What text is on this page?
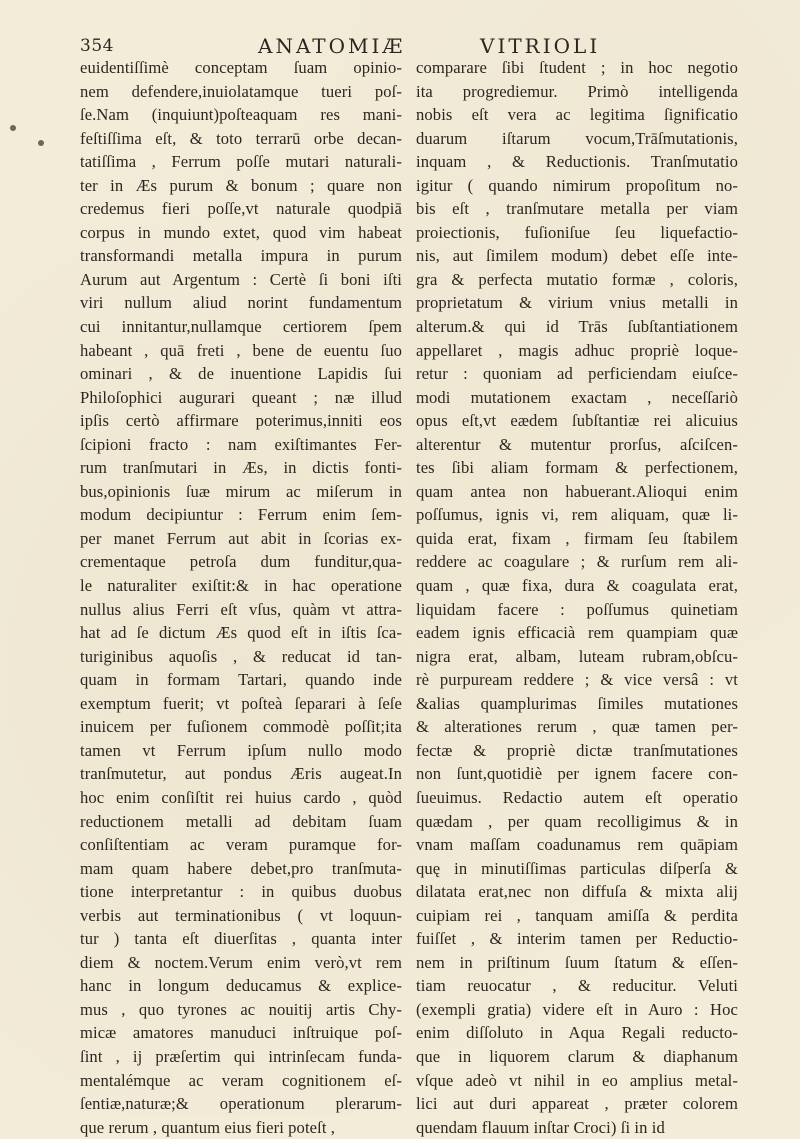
354	ANATOMIÆ	VITRIOLI
euidentiſſimè conceptam ſuam opinio-
nem defendere,inuiolatamque tueri poſ-
ſe.Nam (inquiunt)poſteaquam res mani-
feſtiſſima eſt, & toto terrarū orbe decan-
tatiſſima , Ferrum poſſe mutari naturali-
ter in Æs purum & bonum ; quare non
credemus fieri poſſe,vt naturale quodpiā
corpus in mundo extet, quod vim habeat
transformandi metalla impura in purum
Aurum aut Argentum : Certè ſi boni iſti
viri nullum aliud norint fundamentum
cui innitantur,nullamque certiorem ſpem
habeant , quā freti , bene de euentu ſuo
ominari , & de inuentione Lapidis ſui
Philoſophici augurari queant ; næ illud
ipſis certò affirmare poterimus,inniti eos
ſcipioni fracto : nam exiſtimantes Fer-
rum tranſmutari in Æs, in dictis fonti-
bus,opinionis ſuæ mirum ac miſerum in
modum decipiuntur : Ferrum enim ſem-
per manet Ferrum aut abit in ſcorias ex-
crementaque petroſa dum funditur,qua-
le naturaliter exiſtit:& in hac operatione
nullus alius Ferri eſt vſus, quàm vt attra-
hat ad ſe dictum Æs quod eſt in iſtis ſca-
turiginibus aquoſis , & reducat id tan-
quam in formam Tartari, quando inde
exemptum fuerit; vt poſteà ſeparari à ſeſe
inuicem per fuſionem commodè poſſit;ita
tamen vt Ferrum ipſum nullo modo
tranſmutetur, aut pondus Æris augeat.In
hoc enim conſiſtit rei huius cardo , quòd
reductionem metalli ad debitam ſuam
conſiſtentiam ac veram puramque for-
mam quam habere debet,pro tranſmuta-
tione interpretantur : in quibus duobus
verbis aut terminationibus ( vt loquun-
tur ) tanta eſt diuerſitas , quanta inter
diem & noctem.Verum enim verò,vt rem
hanc in longum deducamus & explice-
mus , quo tyrones ac nouitij artis Chy-
micæ amatores manuduci inſtruique poſ-
ſint , ij præſertim qui intrinſecam funda-
mentalémque ac veram cognitionem eſ-
ſentiæ,naturæ;& operationum plerarum-
que rerum , quantum eius fieri poteſt ,
comparare ſibi ſtudent ; in hoc negotio
ita progrediemur. Primò intelligenda
nobis eſt vera ac legitima ſignificatio
duarum iſtarum vocum,Trāſmutationis,
inquam , & Reductionis. Tranſmutatio
igitur ( quando nimirum propoſitum no-
bis eſt , tranſmutare metalla per viam
proiectionis, fuſioniſue ſeu liquefactio-
nis, aut ſimilem modum) debet eſſe inte-
gra & perfecta mutatio formæ , coloris,
proprietatum & virium vnius metalli in
alterum.& qui id Trās ſubſtantiationem
appellaret , magis adhuc propriè loque-
retur : quoniam ad perficiendam eiuſce-
modi mutationem exactam , neceſſariò
opus eſt,vt eædem ſubſtantiæ rei alicuius
alterentur & mutentur prorſus, aſciſcen-
tes ſibi aliam formam & perfectionem,
quam antea non habuerant.Alioqui enim
poſſumus, ignis vi, rem aliquam, quæ li-
quida erat, fixam , firmam ſeu ſtabilem
reddere ac coagulare ; & rurſum rem ali-
quam , quæ fixa, dura & coagulata erat,
liquidam facere : poſſumus quinetiam
eadem ignis efficacià rem quampiam quæ
nigra erat, albam, luteam rubram,obſcu-
rè purpuream reddere ; & vice versâ : vt
&alias quamplurimas ſimiles mutationes
& alterationes rerum , quæ tamen per-
fectæ & propriè dictæ tranſmutationes
non ſunt,quotidiè per ignem facere con-
ſueuimus. Redactio autem eſt operatio
quædam , per quam recolligimus & in
vnam maſſam coadunamus rem quāpiam
quę in minutiſſimas particulas diſperſa &
dilatata erat,nec non diffuſa & mixta alij
cuipiam rei , tanquam amiſſa & perdita
fuiſſet , & interim tamen per Reductio-
nem in priſtinum ſuum ſtatum & eſſen-
tiam reuocatur , & reducitur. Veluti
(exempli gratia) videre eſt in Auro : Hoc
enim diſſoluto in Aqua Regali reducto-
que in liquorem clarum & diaphanum
vſque adeò vt nihil in eo amplius metal-
lici aut duri appareat , præter colorem
quendam flauum inſtar Croci) ſi in id
